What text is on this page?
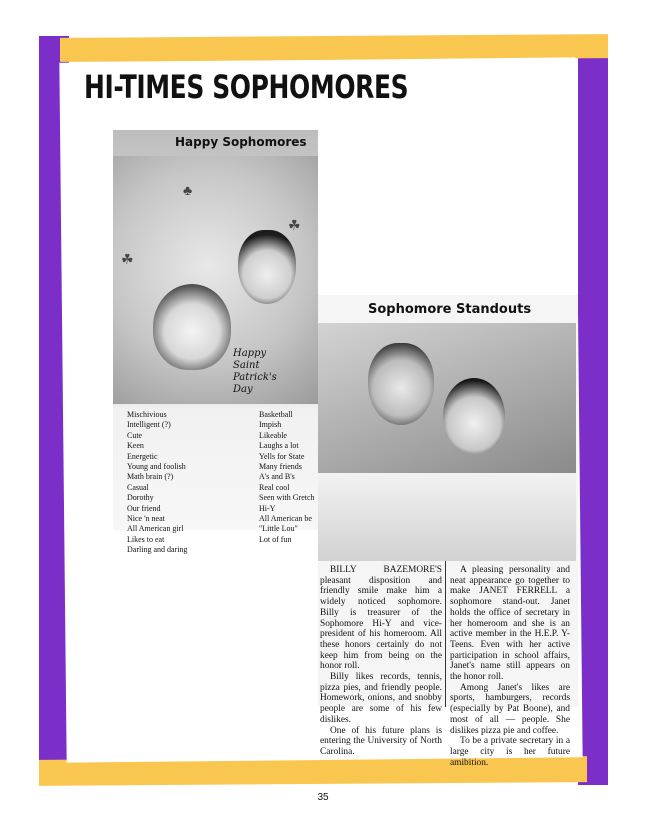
HI-TIMES SOPHOMORES
☘
☘
♣
Happy
Saint
Patrick's
Day
Happy Sophomores
Mischivious
Intelligent (?)
Cute
Keen
Energetic
Young and foolish
Math brain (?)
Casual
Dorothy
Our friend
Nice 'n neat
All American girl
Likes to eat
Darling and daring
Basketball
Impish
Likeable
Laughs a lot
Yells for State
Many friends
A's and B's
Real cool
Seen with Gretch
Hi-Y
All American be
"Little Lou"
Lot of fun
Sophomore Standouts

BILLY BAZEMORE'S pleasant disposition and friendly smile make him a widely noticed sophomore. Billy is treasurer of the Sophomore Hi-Y and vice-president of his homeroom. All these honors certainly do not keep him from being on the honor roll.

Billy likes records, tennis, pizza pies, and friendly people. Homework, onions, and snobby people are some of his few dislikes.

One of his future plans is entering the University of North Carolina.

A pleasing personality and neat appearance go together to make JANET FERRELL a sophomore stand-out. Janet holds the office of secretary in her homeroom and she is an active member in the H.E.P. Y-Teens. Even with her active participation in school affairs, Janet's name still appears on the honor roll.

Among Janet's likes are sports, hamburgers, records (especially by Pat Boone), and most of all — people. She dislikes pizza pie and coffee.

To be a private secretary in a large city is her future amibition.

35
